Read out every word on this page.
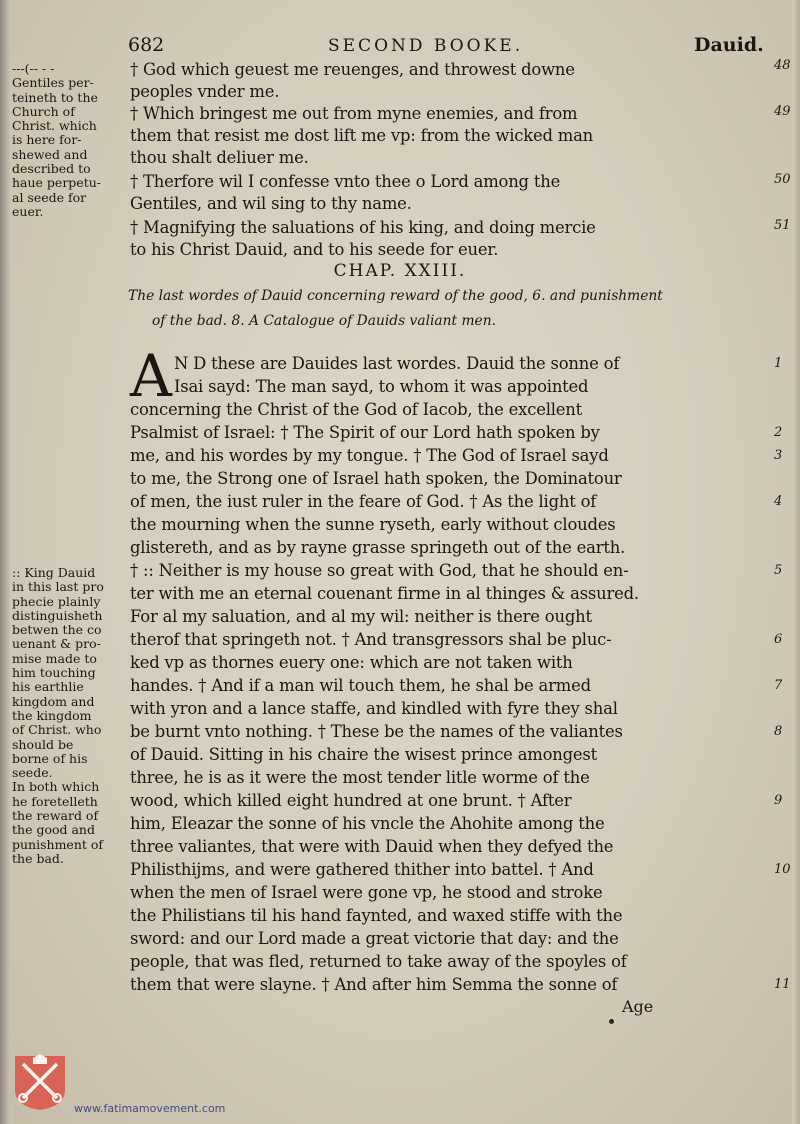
682	SECOND BOOKE.	Dauid.
---(-- - -
Gentiles per-
teineth to the
Church of
Christ. which
is here for-
shewed and
described to
haue perpetu-
al seede for
euer.
:: King Dauid
in this last pro
phecie plainly
distinguisheth
betwen the co
uenant & pro-
mise made to
him touching
his earthlie
kingdom and
the kingdom
of Christ. who
should be
borne of his
seede.
In both which
he foretelleth
the reward of
the good and
punishment of
the bad.
† God which geuest me reuenges, and throwest downe
peoples vnder me.
† Which bringest me out from myne enemies, and from
them that resist me dost lift me vp: from the wicked man
thou shalt deliuer me.
† Therfore wil I confesse vnto thee o Lord among the
Gentiles, and wil sing to thy name.
† Magnifying the saluations of his king, and doing mercie
to his Christ Dauid, and to his seede for euer.
CHAP. XXIII.
The last wordes of Dauid concerning reward of the good, 6. and punishment
of the bad. 8. A Catalogue of Dauids valiant men.
A N D these are Dauides last wordes. Dauid the sonne of
Isai sayd: The man sayd, to whom it was appointed
concerning the Christ of the God of Iacob, the excellent
Psalmist of Israel: † The Spirit of our Lord hath spoken by
me, and his wordes by my tongue. † The God of Israel sayd
to me, the Strong one of Israel hath spoken, the Dominatour
of men, the iust ruler in the feare of God. † As the light of
the mourning when the sunne ryseth, early without cloudes
glistereth, and as by rayne grasse springeth out of the earth.
† :: Neither is my house so great with God, that he should en-
ter with me an eternal couenant firme in al thinges & assured.
For al my saluation, and al my wil: neither is there ought
therof that springeth not. † And transgressors shal be pluc-
ked vp as thornes euery one: which are not taken with
handes. † And if a man wil touch them, he shal be armed
with yron and a lance staffe, and kindled with fyre they shal
be burnt vnto nothing. † These be the names of the valiantes
of Dauid. Sitting in his chaire the wisest prince amongest
three, he is as it were the most tender litle worme of the
wood, which killed eight hundred at one brunt. † After
him, Eleazar the sonne of his vncle the Ahohite among the
three valiantes, that were with Dauid when they defyed the
Philisthijms, and were gathered thither into battel. † And
when the men of Israel were gone vp, he stood and stroke
the Philistians til his hand faynted, and waxed stiffe with the
sword: and our Lord made a great victorie that day: and the
people, that was fled, returned to take away of the spoyles of
them that were slayne. † And after him Semma the sonne of
48
49
50
51
1
2
3
4
5
6
7
8
9
10
11
Age
www.fatimamovement.com
